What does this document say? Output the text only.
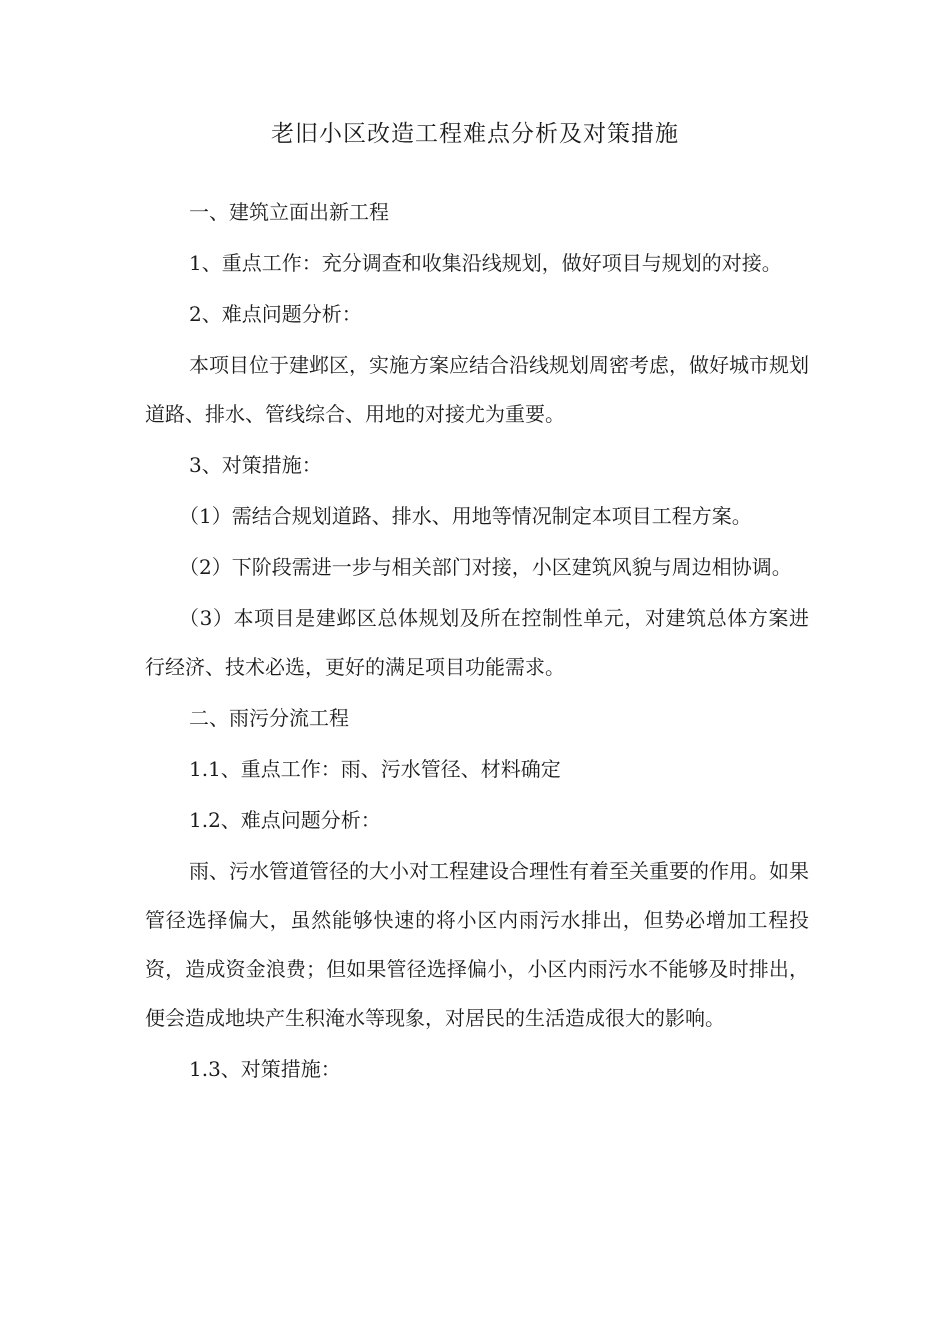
老旧小区改造工程难点分析及对策措施

一、建筑立面出新工程

1、重点工作：充分调查和收集沿线规划，做好项目与规划的对接。

2、难点问题分析：

本项目位于建邺区，实施方案应结合沿线规划周密考虑，做好城市规划道路、排水、管线综合、用地的对接尤为重要。

3、对策措施：

（1）需结合规划道路、排水、用地等情况制定本项目工程方案。

（2）下阶段需进一步与相关部门对接，小区建筑风貌与周边相协调。

（3）本项目是建邺区总体规划及所在控制性单元，对建筑总体方案进行经济、技术必选，更好的满足项目功能需求。

二、雨污分流工程

1.1、重点工作：雨、污水管径、材料确定

1.2、难点问题分析：

雨、污水管道管径的大小对工程建设合理性有着至关重要的作用。如果管径选择偏大，虽然能够快速的将小区内雨污水排出，但势必增加工程投资，造成资金浪费；但如果管径选择偏小，小区内雨污水不能够及时排出，便会造成地块产生积淹水等现象，对居民的生活造成很大的影响。

1.3、对策措施：
